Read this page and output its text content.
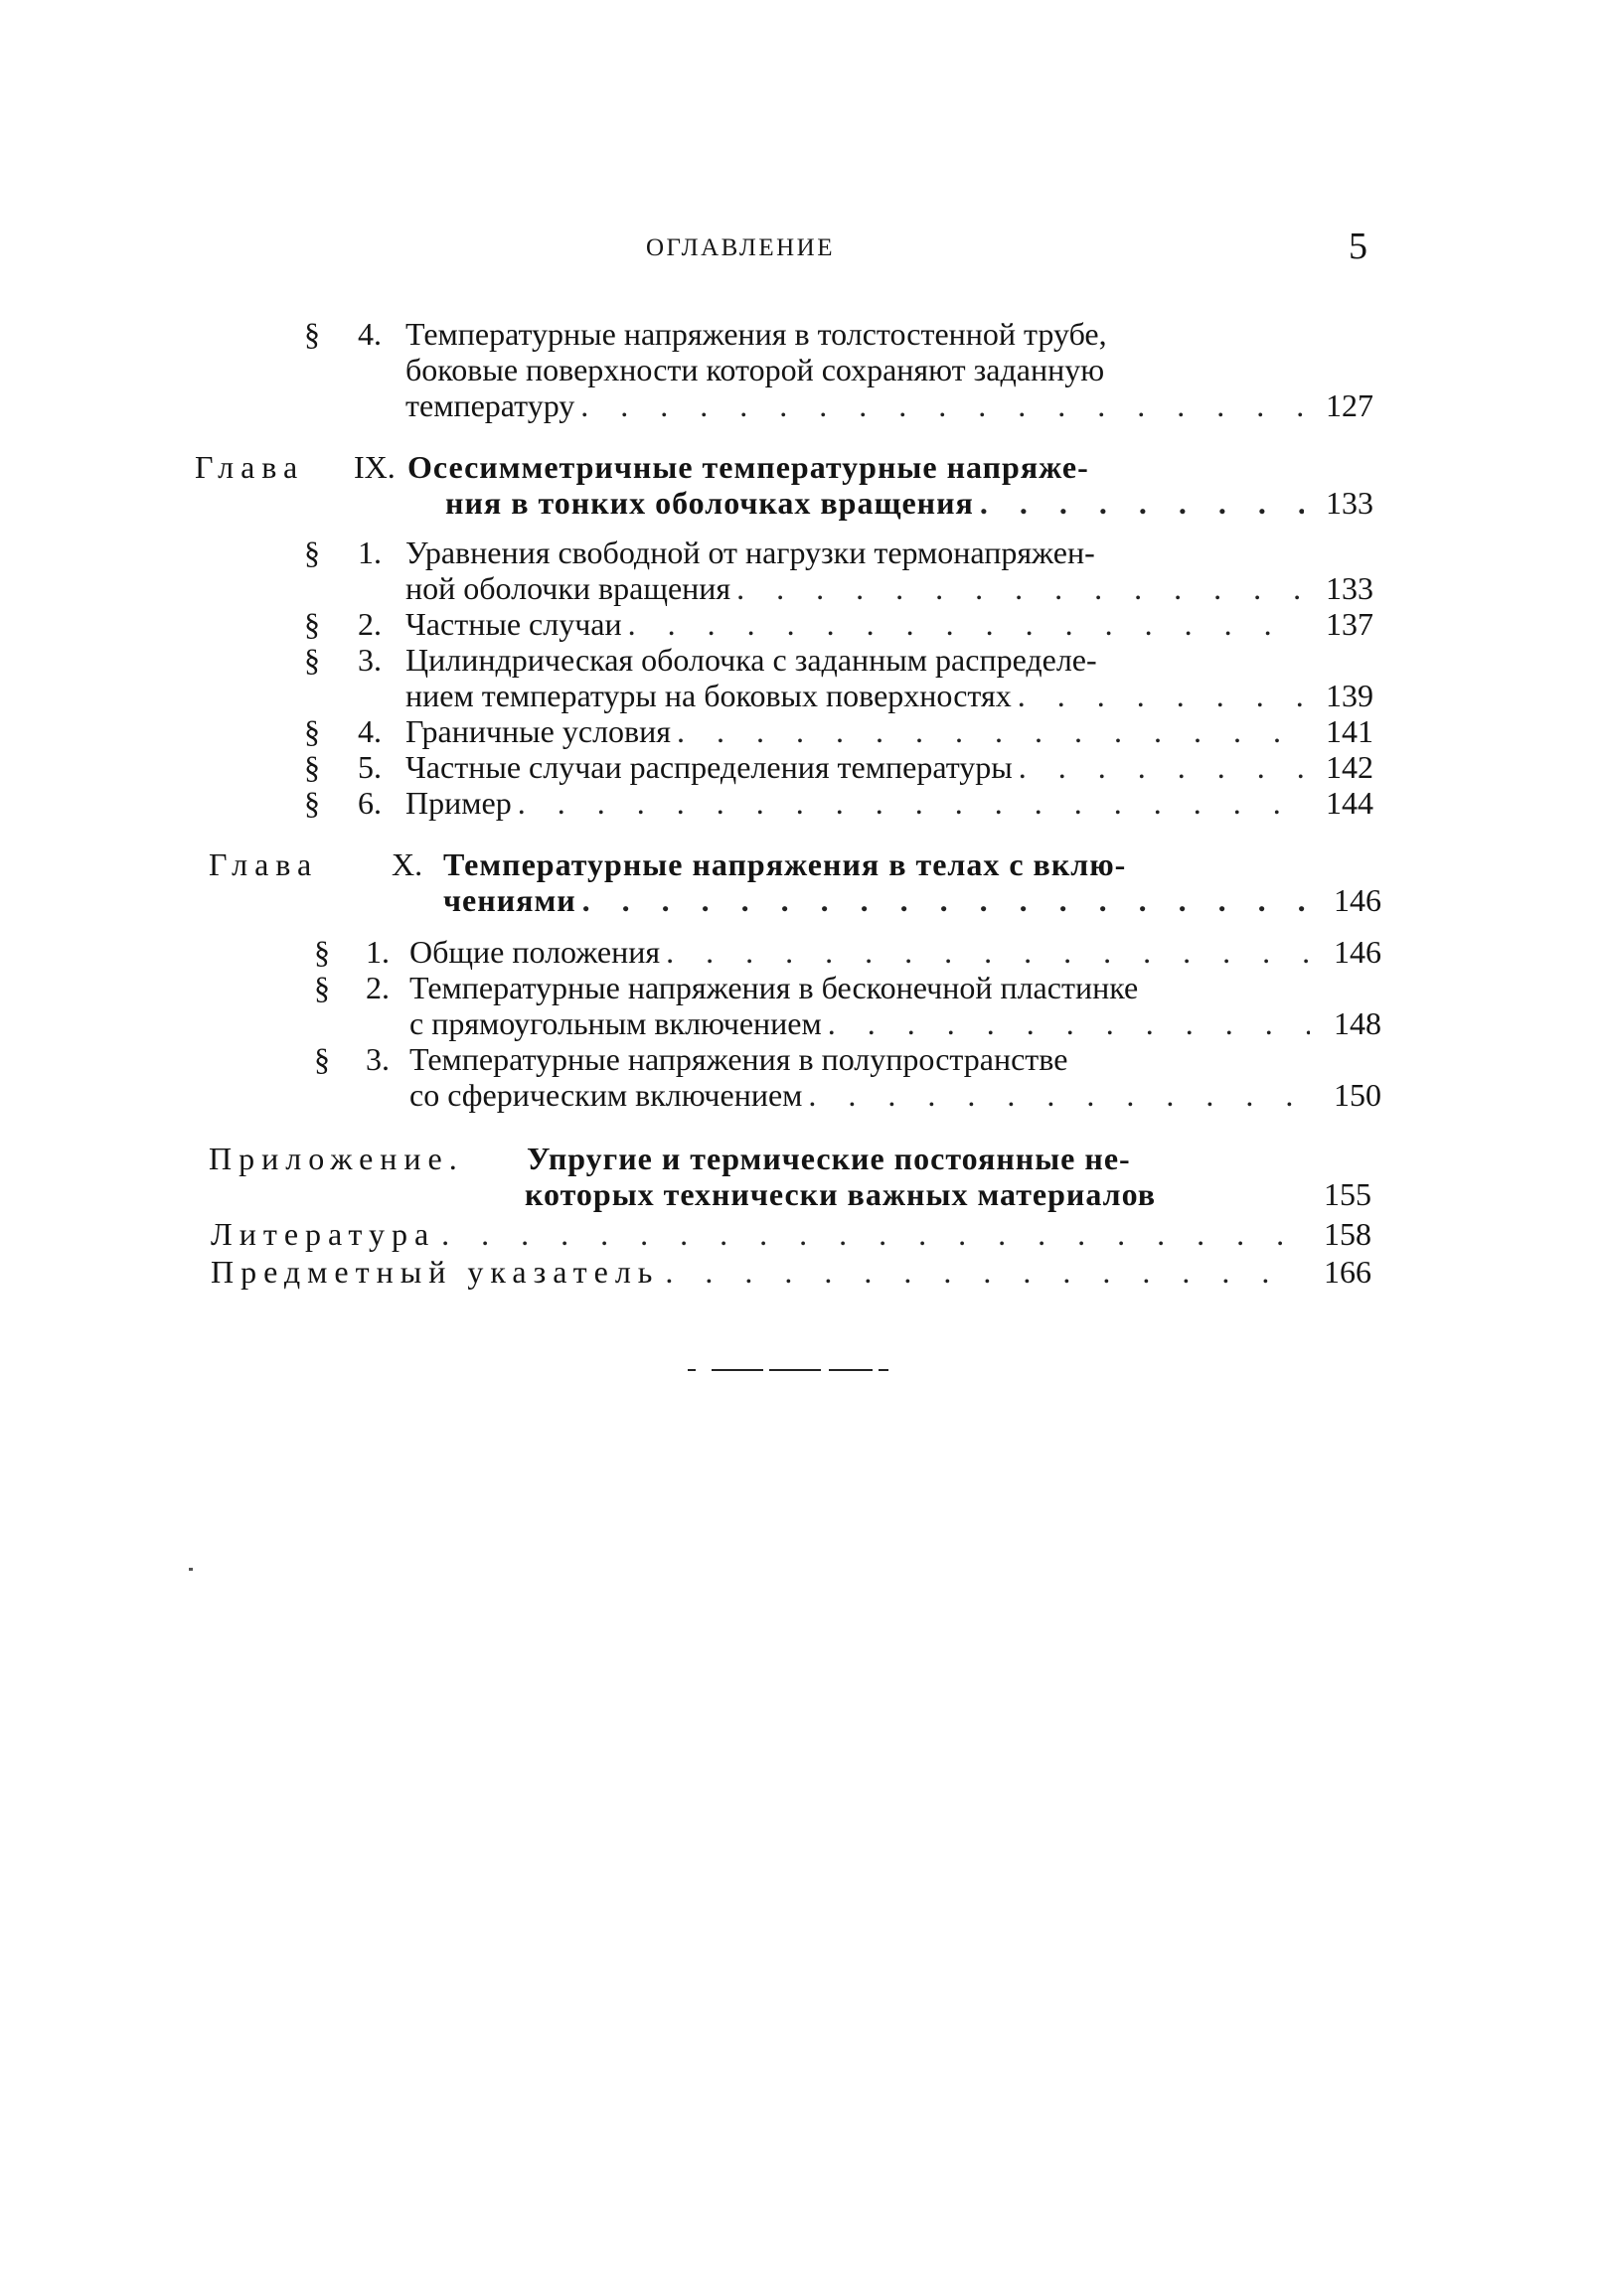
ОГЛАВЛЕНИЕ	5
§ 4. Температурные напряжения в толстостенной трубе,
боковые поверхности которой сохраняют заданную
температуру . . .	127
Глава IX. Осесимметричные температурные напряже-
ния в тонких оболочках вращения . . .	133
§ 1. Уравнения свободной от нагрузки термонапряжен-
ной оболочки вращения . . .	133
§ 2. Частные случаи . . .	137
§ 3. Цилиндрическая оболочка с заданным распределе-
нием температуры на боковых поверхностях . . .	139
§ 4. Граничные условия . . .	141
§ 5. Частные случаи распределения температуры . . .	142
§ 6. Пример . . .	144
Глава X. Температурные напряжения в телах с вклю-
чениями . . .	146
§ 1. Общие положения . . .	146
§ 2. Температурные напряжения в бесконечной пластинке
с прямоугольным включением . . .	148
§ 3. Температурные напряжения в полупространстве
со сферическим включением . . .	150
Приложение. Упругие и термические постоянные не-
которых технически важных материалов	155
Литература . . .	158
Предметный указатель . . .	166
